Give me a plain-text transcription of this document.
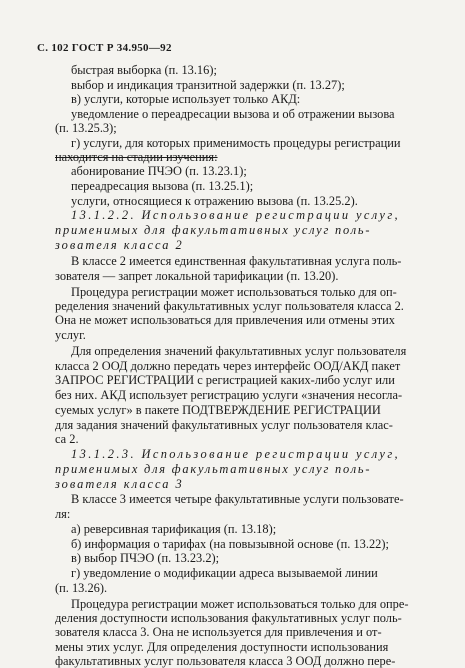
С. 102 ГОСТ Р 34.950—92
быстрая выборка (п. 13.16);
выбор и индикация транзитной задержки (п. 13.27);
в) услуги, которые использует только АКД:
уведомление о переадресации вызова и об отражении вызова
(п. 13.25.3);
г) услуги, для которых применимость процедуры регистрации
находится на стадии изучения:
абонирование ПЧЭО (п. 13.23.1);
переадресация вызова (п. 13.25.1);
услуги, относящиеся к отражению вызова (п. 13.25.2).
13.1.2.2. Использование регистрации услуг,
применимых для факультативных услуг поль-
зователя класса 2
В классе 2 имеется единственная факультативная услуга поль-
зователя — запрет локальной тарификации (п. 13.20).
Процедура регистрации может использоваться только для оп-
ределения значений факультативных услуг пользователя класса 2.
Она не может использоваться для привлечения или отмены этих
услуг.
Для определения значений факультативных услуг пользователя
класса 2 ООД должно передать через интерфейс ООД/АКД пакет
ЗАПРОС РЕГИСТРАЦИИ с регистрацией каких-либо услуг или
без них. АКД использует регистрацию услуги «значения несогла-
суемых услуг» в пакете ПОДТВЕРЖДЕНИЕ РЕГИСТРАЦИИ
для задания значений факультативных услуг пользователя клас-
са 2.
13.1.2.3. Использование регистрации услуг,
применимых для факультативных услуг поль-
зователя класса 3
В классе 3 имеется четыре факультативные услуги пользовате-
ля:
а) реверсивная тарификация (п. 13.18);
б) информация о тарифах (на повызывной основе (п. 13.22);
в) выбор ПЧЭО (п. 13.23.2);
г) уведомление о модификации адреса вызываемой линии
(п. 13.26).
Процедура регистрации может использоваться только для опре-
деления доступности использования факультативных услуг поль-
зователя класса 3. Она не используется для привлечения и от-
мены этих услуг. Для определения доступности использования
факультативных услуг пользователя класса 3 ООД должно пере-
